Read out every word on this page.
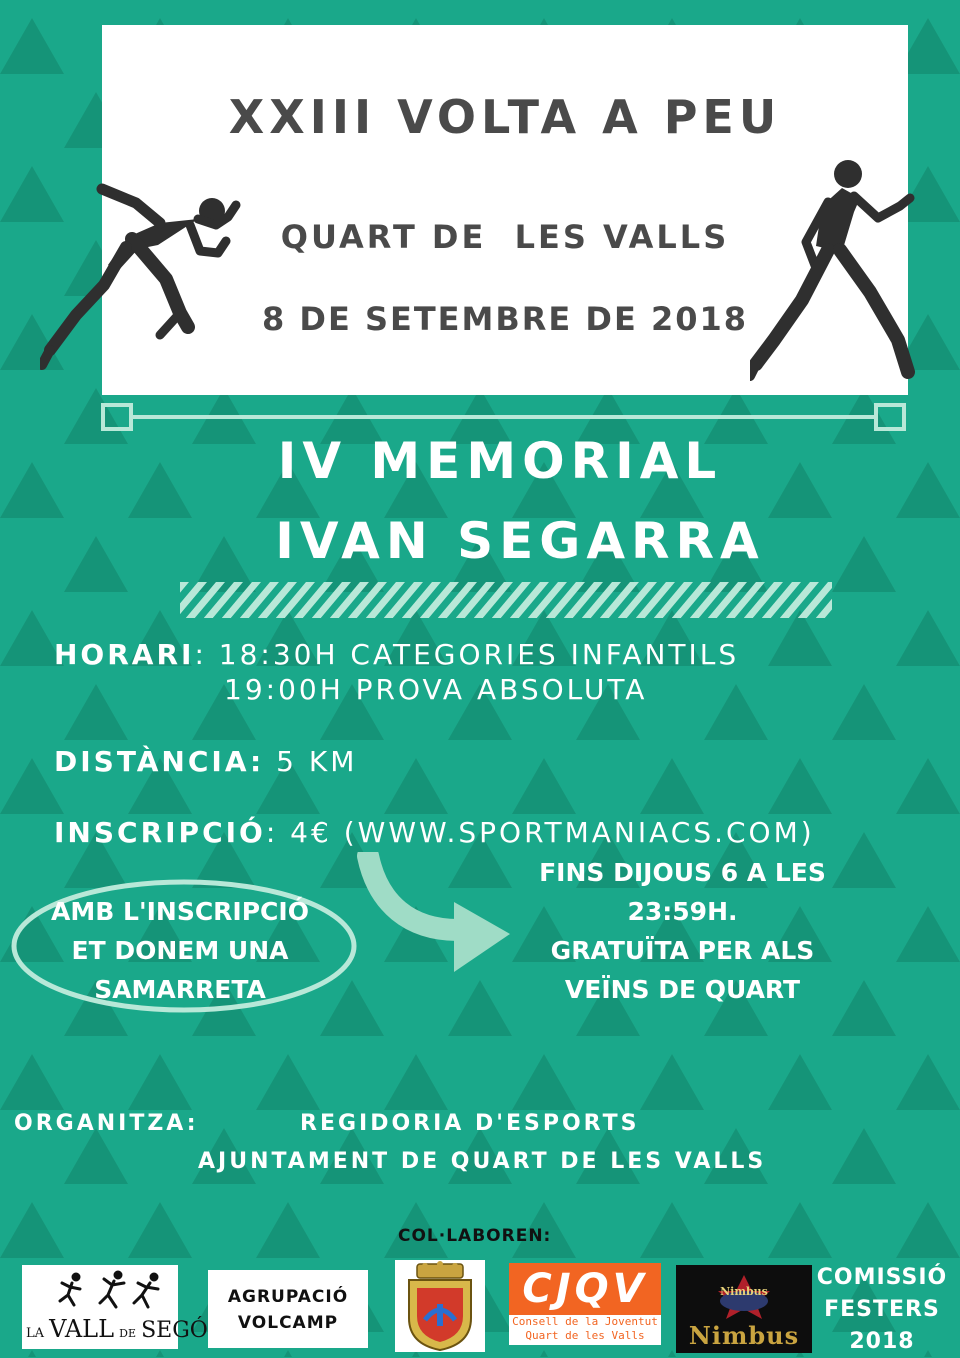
XXIII VOLTA A PEU
QUART DE  LES VALLS
8 DE SETEMBRE DE 2018
IV MEMORIAL
IVAN SEGARRA
HORARI: 18:30H CATEGORIES INFANTILS
19:00H PROVA ABSOLUTA
DISTÀNCIA: 5 KM
INSCRIPCIÓ: 4€ (WWW.SPORTMANIACS.COM)
AMB L'INSCRIPCIÓ
ET DONEM UNA
SAMARRETA
FINS DIJOUS 6 A LES
23:59H.
GRATUÏTA PER ALS
VEÏNS DE QUART
ORGANITZA:	REGIDORIA D'ESPORTS
AJUNTAMENT DE QUART DE LES VALLS
COL·LABOREN:
LA VALL DE SEGÓ
AGRUPACIÓ
VOLCAMP
CJQV
Consell de la Joventut
Quart de les Valls
Nimbus
Nimbus
COMISSIÓ
FESTERS
2018
